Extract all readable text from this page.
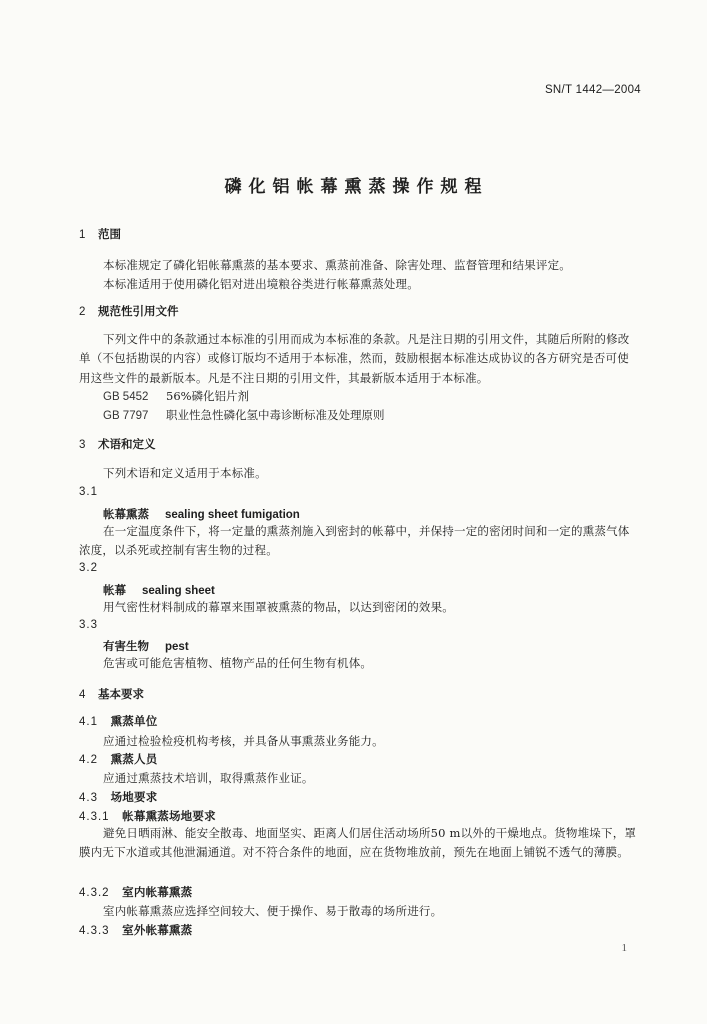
SN/T 1442—2004
磷化铝帐幕熏蒸操作规程
1 范围
本标准规定了磷化铝帐幕熏蒸的基本要求、熏蒸前准备、除害处理、监督管理和结果评定。
本标准适用于使用磷化铝对进出境粮谷类进行帐幕熏蒸处理。
2 规范性引用文件
下列文件中的条款通过本标准的引用而成为本标准的条款。凡是注日期的引用文件，其随后所附的修改单（不包括勘误的内容）或修订版均不适用于本标准，然而，鼓励根据本标准达成协议的各方研究是否可使用这些文件的最新版本。凡是不注日期的引用文件，其最新版本适用于本标准。
GB 5452 56%磷化铝片剂
GB 7797 职业性急性磷化氢中毒诊断标准及处理原则
3 术语和定义
下列术语和定义适用于本标准。
3.1
帐幕熏蒸 sealing sheet fumigation
在一定温度条件下，将一定量的熏蒸剂施入到密封的帐幕中，并保持一定的密闭时间和一定的熏蒸气体浓度，以杀死或控制有害生物的过程。
3.2
帐幕 sealing sheet
用气密性材料制成的幕罩来围罩被熏蒸的物品，以达到密闭的效果。
3.3
有害生物 pest
危害或可能危害植物、植物产品的任何生物有机体。
4 基本要求
4.1 熏蒸单位
应通过检验检疫机构考核，并具备从事熏蒸业务能力。
4.2 熏蒸人员
应通过熏蒸技术培训，取得熏蒸作业证。
4.3 场地要求
4.3.1 帐幕熏蒸场地要求
避免日晒雨淋、能安全散毒、地面坚实、距离人们居住活动场所50 m以外的干燥地点。货物堆垛下，罩膜内无下水道或其他泄漏通道。对不符合条件的地面，应在货物堆放前，预先在地面上铺锐不透气的薄膜。
4.3.2 室内帐幕熏蒸
室内帐幕熏蒸应选择空间较大、便于操作、易于散毒的场所进行。
4.3.3 室外帐幕熏蒸
1
